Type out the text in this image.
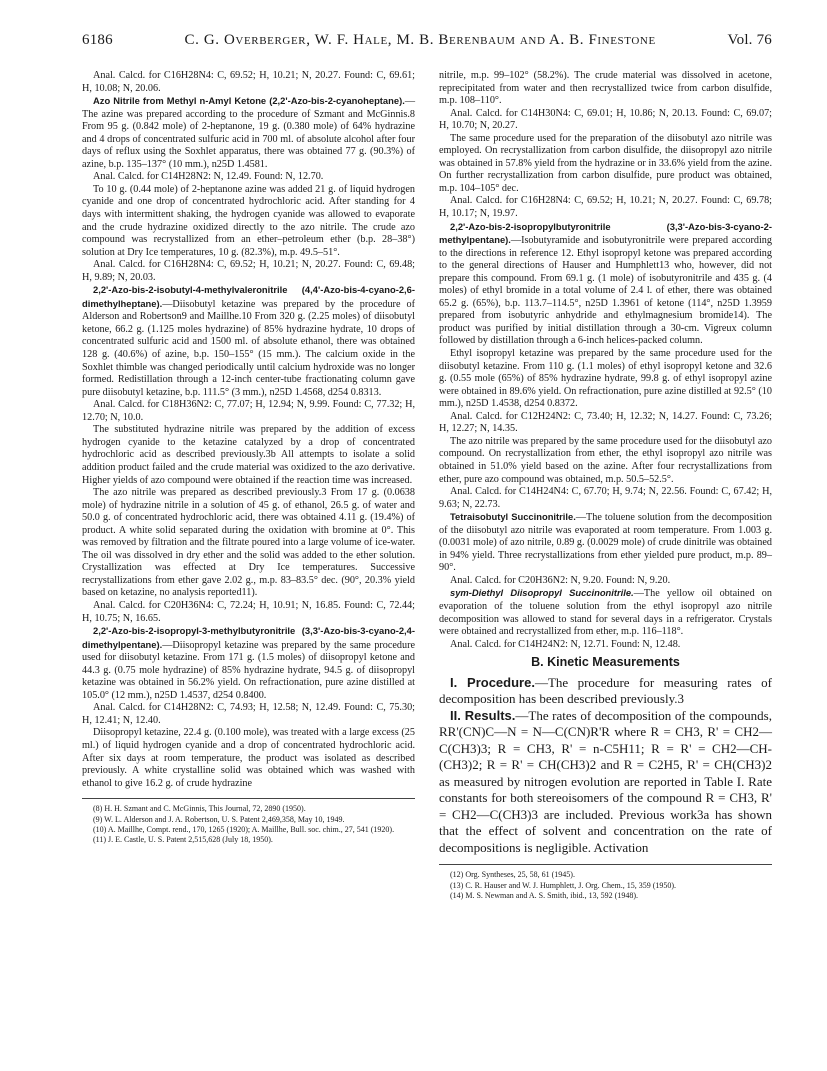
6186	C. G. Overberger, W. F. Hale, M. B. Berenbaum and A. B. Finestone	Vol. 76

Anal. Calcd. for C16H28N4: C, 69.52; H, 10.21; N, 20.27. Found: C, 69.61; H, 10.08; N, 20.06.

Azo Nitrile from Methyl n-Amyl Ketone (2,2'-Azo-bis-2-cyanoheptane).—The azine was prepared according to the procedure of Szmant and McGinnis.8 From 95 g. (0.842 mole) of 2-heptanone, 19 g. (0.380 mole) of 64% hydrazine and 4 drops of concentrated sulfuric acid in 700 ml. of absolute alcohol after four days of reflux using the Soxhlet apparatus, there was obtained 77 g. (90.3%) of azine, b.p. 135–137° (10 mm.), n25D 1.4581.

Anal. Calcd. for C14H28N2: N, 12.49. Found: N, 12.70.

To 10 g. (0.44 mole) of 2-heptanone azine was added 21 g. of liquid hydrogen cyanide and one drop of concentrated hydrochloric acid. After standing for 4 days with intermittent shaking, the hydrogen cyanide was allowed to evaporate and the crude hydrazine oxidized directly to the azo nitrile. The crude azo compound was recrystallized from an ether–petroleum ether (b.p. 28–38°) solution at Dry Ice temperatures, 10 g. (82.3%), m.p. 49.5–51°.

Anal. Calcd. for C16H28N4: C, 69.52; H, 10.21; N, 20.27. Found: C, 69.48; H, 9.89; N, 20.03.

2,2'-Azo-bis-2-isobutyl-4-methylvaleronitrile (4,4'-Azo-bis-4-cyano-2,6-dimethylheptane).—Diisobutyl ketazine was prepared by the procedure of Alderson and Robertson9 and Maillhe.10 From 320 g. (2.25 moles) of diisobutyl ketone, 66.2 g. (1.125 moles hydrazine) of 85% hydrazine hydrate, 10 drops of concentrated sulfuric acid and 1500 ml. of absolute ethanol, there was obtained 128 g. (40.6%) of azine, b.p. 150–155° (15 mm.). The calcium oxide in the Soxhlet thimble was changed periodically until calcium hydroxide was no longer formed. Redistillation through a 12-inch center-tube fractionating column gave pure diisobutyl ketazine, b.p. 111.5° (3 mm.), n25D 1.4568, d254 0.8313.

Anal. Calcd. for C18H36N2: C, 77.07; H, 12.94; N, 9.99. Found: C, 77.32; H, 12.70; N, 10.0.

The substituted hydrazine nitrile was prepared by the addition of excess hydrogen cyanide to the ketazine catalyzed by a drop of concentrated hydrochloric acid as described previously.3b All attempts to isolate a solid addition product failed and the crude material was oxidized to the azo derivative. Higher yields of azo compound were obtained if the reaction time was increased.

The azo nitrile was prepared as described previously.3 From 17 g. (0.0638 mole) of hydrazine nitrile in a solution of 45 g. of ethanol, 26.5 g. of water and 50.0 g. of concentrated hydrochloric acid, there was obtained 4.11 g. (19.4%) of product. A white solid separated during the oxidation with bromine at 0°. This was removed by filtration and the filtrate poured into a large volume of ice-water. The oil was dissolved in dry ether and the solid was added to the ether solution. Crystallization was effected at Dry Ice temperatures. Successive recrystallizations from ether gave 2.02 g., m.p. 83–83.5° dec. (90°, 20.3% yield based on ketazine, no analysis reported11).

Anal. Calcd. for C20H36N4: C, 72.24; H, 10.91; N, 16.85. Found: C, 72.44; H, 10.75; N, 16.65.

2,2'-Azo-bis-2-isopropyl-3-methylbutyronitrile (3,3'-Azo-bis-3-cyano-2,4-dimethylpentane).—Diisopropyl ketazine was prepared by the same procedure used for diisobutyl ketazine. From 171 g. (1.5 moles) of diisopropyl ketone and 44.3 g. (0.75 mole hydrazine) of 85% hydrazine hydrate, 94.5 g. of diisopropyl ketazine was obtained in 56.2% yield. On refractionation, pure azine distilled at 105.0° (12 mm.), n25D 1.4537, d254 0.8400.

Anal. Calcd. for C14H28N2: C, 74.93; H, 12.58; N, 12.49. Found: C, 75.30; H, 12.41; N, 12.40.

Diisopropyl ketazine, 22.4 g. (0.100 mole), was treated with a large excess (25 ml.) of liquid hydrogen cyanide and a drop of concentrated hydrochloric acid. After six days at room temperature, the product was isolated as described previously. A white crystalline solid was obtained which was washed with ethanol to give 16.2 g. of crude hydrazine

(8) H. H. Szmant and C. McGinnis, This Journal, 72, 2890 (1950).

(9) W. L. Alderson and J. A. Robertson, U. S. Patent 2,469,358, May 10, 1949.

(10) A. Maillhe, Compt. rend., 170, 1265 (1920); A. Maillhe, Bull. soc. chim., 27, 541 (1920).

(11) J. E. Castle, U. S. Patent 2,515,628 (July 18, 1950).

nitrile, m.p. 99–102° (58.2%). The crude material was dissolved in acetone, reprecipitated from water and then recrystallized twice from carbon disulfide, m.p. 108–110°.

Anal. Calcd. for C14H30N4: C, 69.01; H, 10.86; N, 20.13. Found: C, 69.07; H, 10.70; N, 20.27.

The same procedure used for the preparation of the diisobutyl azo nitrile was employed. On recrystallization from carbon disulfide, the diisopropyl azo nitrile was obtained in 57.8% yield from the hydrazine or in 33.6% yield from the azine. On further recrystallization from carbon disulfide, pure product was obtained, m.p. 104–105° dec.

Anal. Calcd. for C16H28N4: C, 69.52; H, 10.21; N, 20.27. Found: C, 69.78; H, 10.17; N, 19.97.

2,2'-Azo-bis-2-isopropylbutyronitrile (3,3'-Azo-bis-3-cyano-2-methylpentane).—Isobutyramide and isobutyronitrile were prepared according to the directions in reference 12. Ethyl isopropyl ketone was prepared according to the general directions of Hauser and Humphlett13 who, however, did not prepare this compound. From 69.1 g. (1 mole) of isobutyronitrile and 435 g. (4 moles) of ethyl bromide in a total volume of 2.4 l. of ether, there was obtained 65.2 g. (65%), b.p. 113.7–114.5°, n25D 1.3961 of ketone (114°, n25D 1.3959 prepared from isobutyric anhydride and ethylmagnesium bromide14). The product was purified by initial distillation through a 30-cm. Vigreux column followed by distillation through a 6-inch helices-packed column.

Ethyl isopropyl ketazine was prepared by the same procedure used for the diisobutyl ketazine. From 110 g. (1.1 moles) of ethyl isopropyl ketone and 32.6 g. (0.55 mole (65%) of 85% hydrazine hydrate, 99.8 g. of ethyl isopropyl azine were obtained in 89.6% yield. On refractionation, pure azine distilled at 92.5° (10 mm.), n25D 1.4538, d254 0.8372.

Anal. Calcd. for C12H24N2: C, 73.40; H, 12.32; N, 14.27. Found: C, 73.26; H, 12.27; N, 14.35.

The azo nitrile was prepared by the same procedure used for the diisobutyl azo compound. On recrystallization from ether, the ethyl isopropyl azo nitrile was obtained in 51.0% yield based on the azine. After four recrystallizations from ether, pure azo compound was obtained, m.p. 50.5–52.5°.

Anal. Calcd. for C14H24N4: C, 67.70; H, 9.74; N, 22.56. Found: C, 67.42; H, 9.63; N, 22.73.

Tetraisobutyl Succinonitrile.—The toluene solution from the decomposition of the diisobutyl azo nitrile was evaporated at room temperature. From 1.003 g. (0.0031 mole) of azo nitrile, 0.89 g. (0.0029 mole) of crude dinitrile was obtained in 94% yield. Three recrystallizations from ether yielded pure product, m.p. 89–90°.

Anal. Calcd. for C20H36N2: N, 9.20. Found: N, 9.20.

sym-Diethyl Diisopropyl Succinonitrile.—The yellow oil obtained on evaporation of the toluene solution from the ethyl isopropyl azo nitrile decomposition was allowed to stand for several days in a refrigerator. Crystals were obtained and recrystallized from ether, m.p. 116–118°.

Anal. Calcd. for C14H24N2: N, 12.71. Found: N, 12.48.

B. Kinetic Measurements

I. Procedure.—The procedure for measuring rates of decomposition has been described previously.3

II. Results.—The rates of decomposition of the compounds, RR'(CN)C—N = N—C(CN)R'R where R = CH3, R' = CH2—C(CH3)3; R = CH3, R' = n-C5H11; R = R' = CH2—CH-(CH3)2; R = R' = CH(CH3)2 and R = C2H5, R' = CH(CH3)2 as measured by nitrogen evolution are reported in Table I. Rate constants for both stereoisomers of the compound R = CH3, R' = CH2—C(CH3)3 are included. Previous work3a has shown that the effect of solvent and concentration on the rate of decompositions is negligible. Activation

(12) Org. Syntheses, 25, 58, 61 (1945).

(13) C. R. Hauser and W. J. Humphlett, J. Org. Chem., 15, 359 (1950).

(14) M. S. Newman and A. S. Smith, ibid., 13, 592 (1948).
